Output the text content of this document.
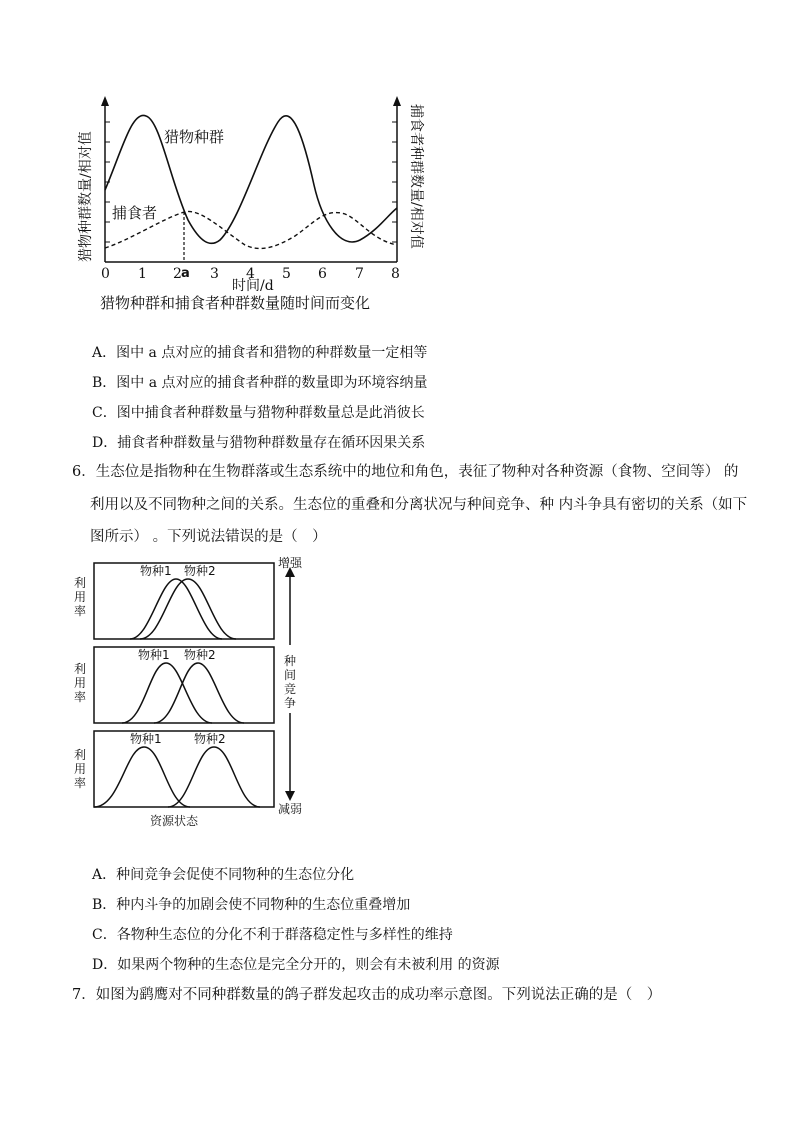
猎物种群
捕食者
0 1 2 a 3 4 5 6 7 8
时间/d
猎物种群数量/相对值	捕食者种群数量/相对值
猎物种群和捕食者种群数量随时间而变化
A．图中 a 点对应的捕食者和猎物的种群数量一定相等
B．图中 a 点对应的捕食者种群的数量即为环境容纳量
C．图中捕食者种群数量与猎物种群数量总是此消彼长
D．捕食者种群数量与猎物种群数量存在循环因果关系
6．生态位是指物种在生物群落或生态系统中的地位和角色，表征了物种对各种资源（食物、空间等） 的
利用以及不同物种之间的关系。生态位的重叠和分离状况与种间竞争、种 内斗争具有密切的关系（如下
图所示） 。下列说法错误的是（　）
物种1 物种2
利
用
率
物种1 物种2
利
用
率
物种1	物种2
利
用
率
资源状态
增强
减弱
种
间
竞
争
A．种间竞争会促使不同物种的生态位分化
B．种内斗争的加剧会使不同物种的生态位重叠增加
C．各物种生态位的分化不利于群落稳定性与多样性的维持
D．如果两个物种的生态位是完全分开的，则会有未被利用 的资源
7．如图为鹞鹰对不同种群数量的鸽子群发起攻击的成功率示意图。下列说法正确的是（　）
